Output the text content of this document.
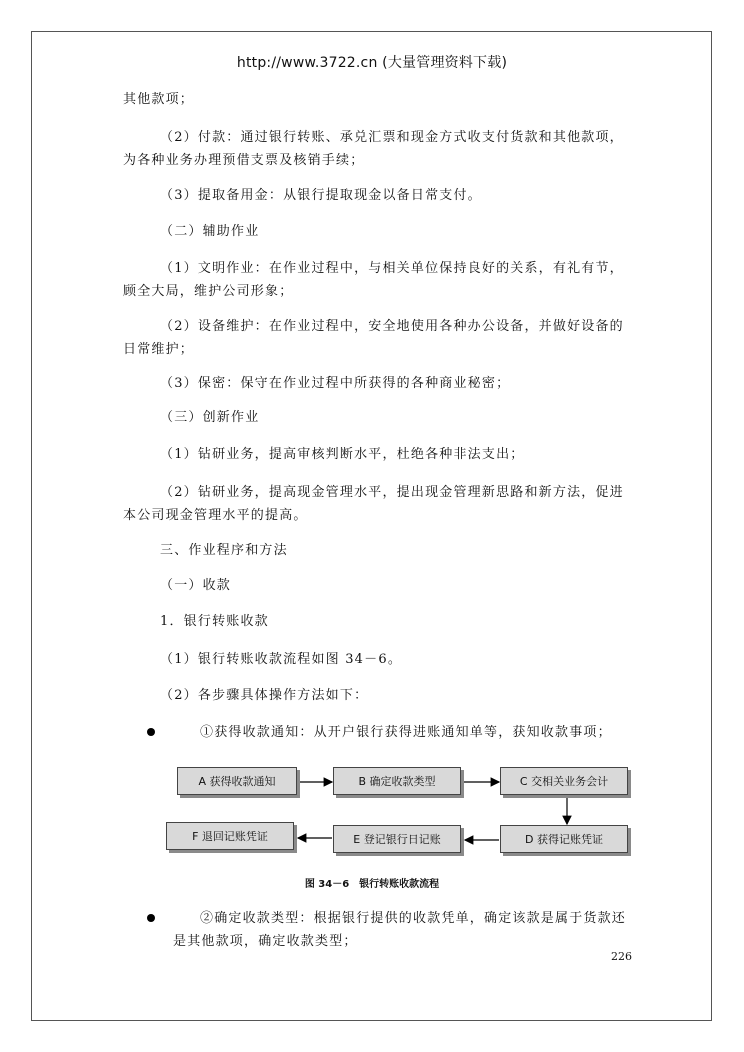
http://www.3722.cn (大量管理资料下载)

其他款项；

（2）付款：通过银行转账、承兑汇票和现金方式收支付货款和其他款项，为各种业务办理预借支票及核销手续；

（3）提取备用金：从银行提取现金以备日常支付。

（二）辅助作业

（1）文明作业：在作业过程中，与相关单位保持良好的关系，有礼有节，顾全大局，维护公司形象；

（2）设备维护：在作业过程中，安全地使用各种办公设备，并做好设备的日常维护；

（3）保密：保守在作业过程中所获得的各种商业秘密；

（三）创新作业

（1）钻研业务，提高审核判断水平，杜绝各种非法支出；

（2）钻研业务，提高现金管理水平，提出现金管理新思路和新方法，促进本公司现金管理水平的提高。

三、作业程序和方法

（一）收款

1．银行转账收款

（1）银行转账收款流程如图 34－6。

（2）各步骤具体操作方法如下：

①获得收款通知：从开户银行获得进账通知单等，获知收款事项；

A 获得收款通知	B 确定收款类型	C 交相关业务会计
D 获得记账凭证
E 登记银行日记账
F 退回记账凭证
图 34－6　银行转账收款流程

②确定收款类型：根据银行提供的收款凭单，确定该款是属于货款还是其他款项，确定收款类型；

226
